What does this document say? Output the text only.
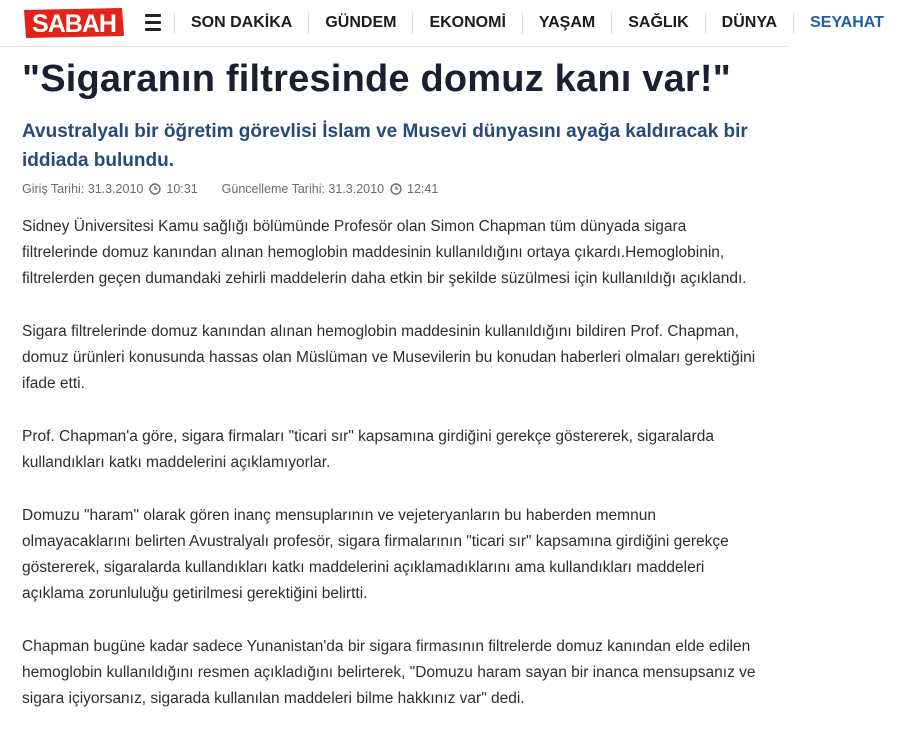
SABAH	SON DAKİKA	GÜNDEM	EKONOMİ	YAŞAM	SAĞLIK	DÜNYA	SEYAHAT
"Sigaranın filtresinde domuz kanı var!"
Avustralyalı bir öğretim görevlisi İslam ve Musevi dünyasını ayağa kaldıracak bir iddiada bulundu.
Giriş Tarihi: 31.3.2010 10:31 Güncelleme Tarihi: 31.3.2010 12:41

Sidney Üniversitesi Kamu sağlığı bölümünde Profesör olan Simon Chapman tüm dünyada sigara filtrelerinde domuz kanından alınan hemoglobin maddesinin kullanıldığını ortaya çıkardı.Hemoglobinin, filtrelerden geçen dumandaki zehirli maddelerin daha etkin bir şekilde süzülmesi için kullanıldığı açıklandı.

Sigara filtrelerinde domuz kanından alınan hemoglobin maddesinin kullanıldığını bildiren Prof. Chapman, domuz ürünleri konusunda hassas olan Müslüman ve Musevilerin bu konudan haberleri olmaları gerektiğini ifade etti.

Prof. Chapman'a göre, sigara firmaları "ticari sır" kapsamına girdiğini gerekçe göstererek, sigaralarda kullandıkları katkı maddelerini açıklamıyorlar.

Domuzu "haram" olarak gören inanç mensuplarının ve vejeteryanların bu haberden memnun olmayacaklarını belirten Avustralyalı profesör, sigara firmalarının "ticari sır" kapsamına girdiğini gerekçe göstererek, sigaralarda kullandıkları katkı maddelerini açıklamadıklarını ama kullandıkları maddeleri açıklama zorunluluğu getirilmesi gerektiğini belirtti.

Chapman bugüne kadar sadece Yunanistan'da bir sigara firmasının filtrelerde domuz kanından elde edilen hemoglobin kullanıldığını resmen açıkladığını belirterek, "Domuzu haram sayan bir inanca mensupsanız ve sigara içiyorsanız, sigarada kullanılan maddeleri bilme hakkınız var" dedi.
